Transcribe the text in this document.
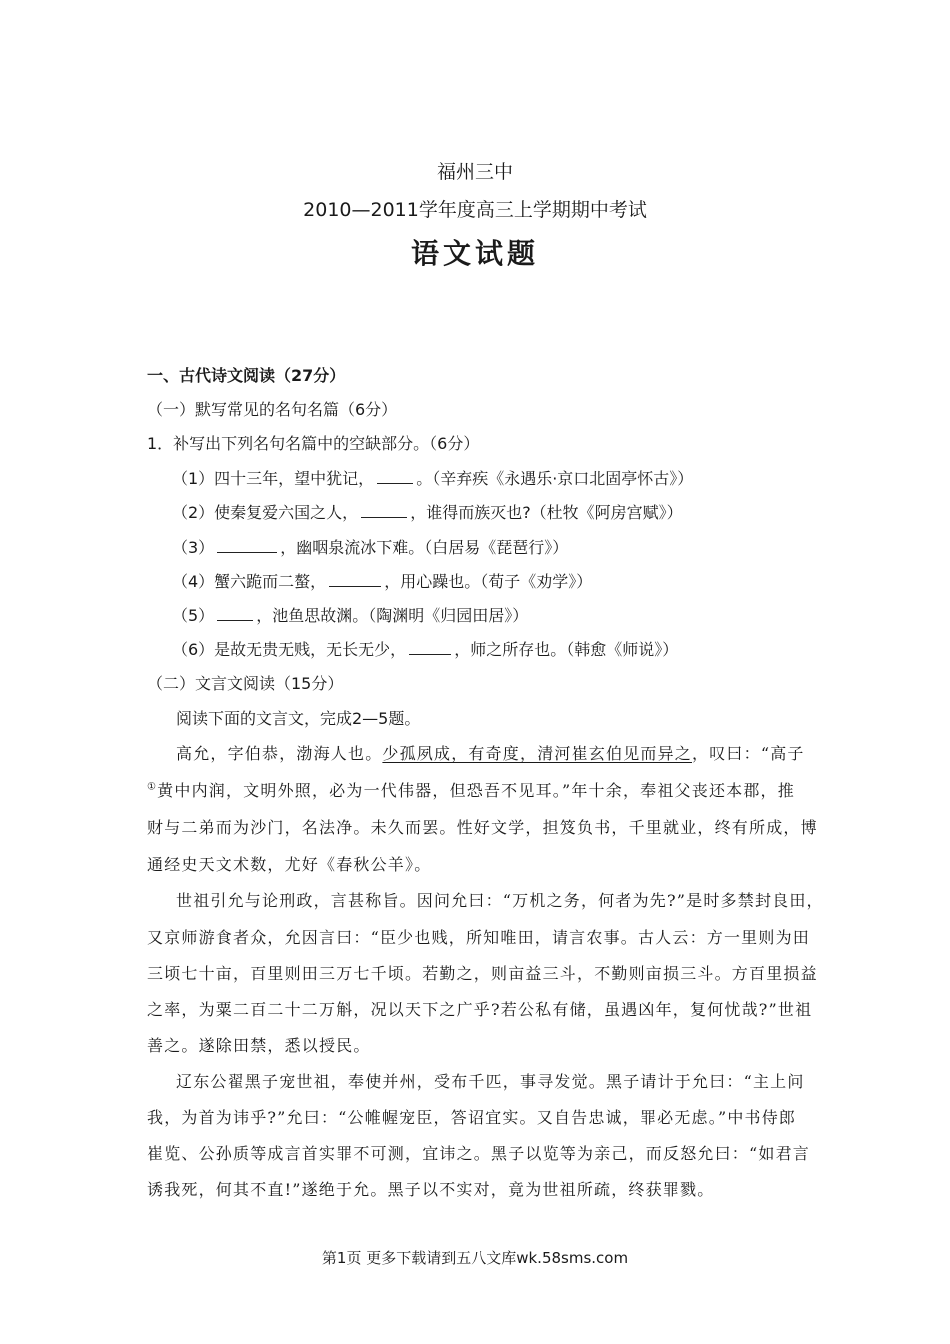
福州三中
2010—2011学年度高三上学期期中考试
语文试题
一、古代诗文阅读（27分）
（一）默写常见的名句名篇（6分）
1．补写出下列名句名篇中的空缺部分。（6分）
（1）四十三年，望中犹记，	。（辛弃疾《永遇乐·京口北固亭怀古》）
（2）使秦复爱六国之人，	，谁得而族灭也?（杜牧《阿房宫赋》）
（3）	，幽咽泉流冰下难。（白居易《琵琶行》）
（4）蟹六跪而二螯，	，用心躁也。（荀子《劝学》）
（5）	，池鱼思故渊。（陶渊明《归园田居》）
（6）是故无贵无贱，无长无少，	，师之所存也。（韩愈《师说》）
（二）文言文阅读（15分）
阅读下面的文言文，完成2—5题。
高允，字伯恭，渤海人也。少孤夙成，有奇度，清河崔玄伯见而异之，叹曰：“高子
①黄中内润，文明外照，必为一代伟器，但恐吾不见耳。”年十余，奉祖父丧还本郡，推
财与二弟而为沙门，名法净。未久而罢。性好文学，担笈负书，千里就业，终有所成，博
通经史天文术数，尤好《春秋公羊》。
世祖引允与论刑政，言甚称旨。因问允曰：“万机之务，何者为先?”是时多禁封良田，
又京师游食者众，允因言曰：“臣少也贱，所知唯田，请言农事。古人云：方一里则为田
三顷七十亩，百里则田三万七千顷。若勤之，则亩益三斗，不勤则亩损三斗。方百里损益
之率，为粟二百二十二万斛，况以天下之广乎?若公私有储，虽遇凶年，复何忧哉?”世祖
善之。遂除田禁，悉以授民。
辽东公翟黑子宠世祖，奉使并州，受布千匹，事寻发觉。黑子请计于允曰：“主上问
我，为首为讳乎?”允曰：“公帷幄宠臣，答诏宜实。又自告忠诚，罪必无虑。”中书侍郎
崔览、公孙质等成言首实罪不可测，宜讳之。黑子以览等为亲己，而反怒允曰：“如君言
诱我死，何其不直!”遂绝于允。黑子以不实对，竟为世祖所疏，终获罪戮。
第1页 更多下载请到五八文库wk.58sms.com
